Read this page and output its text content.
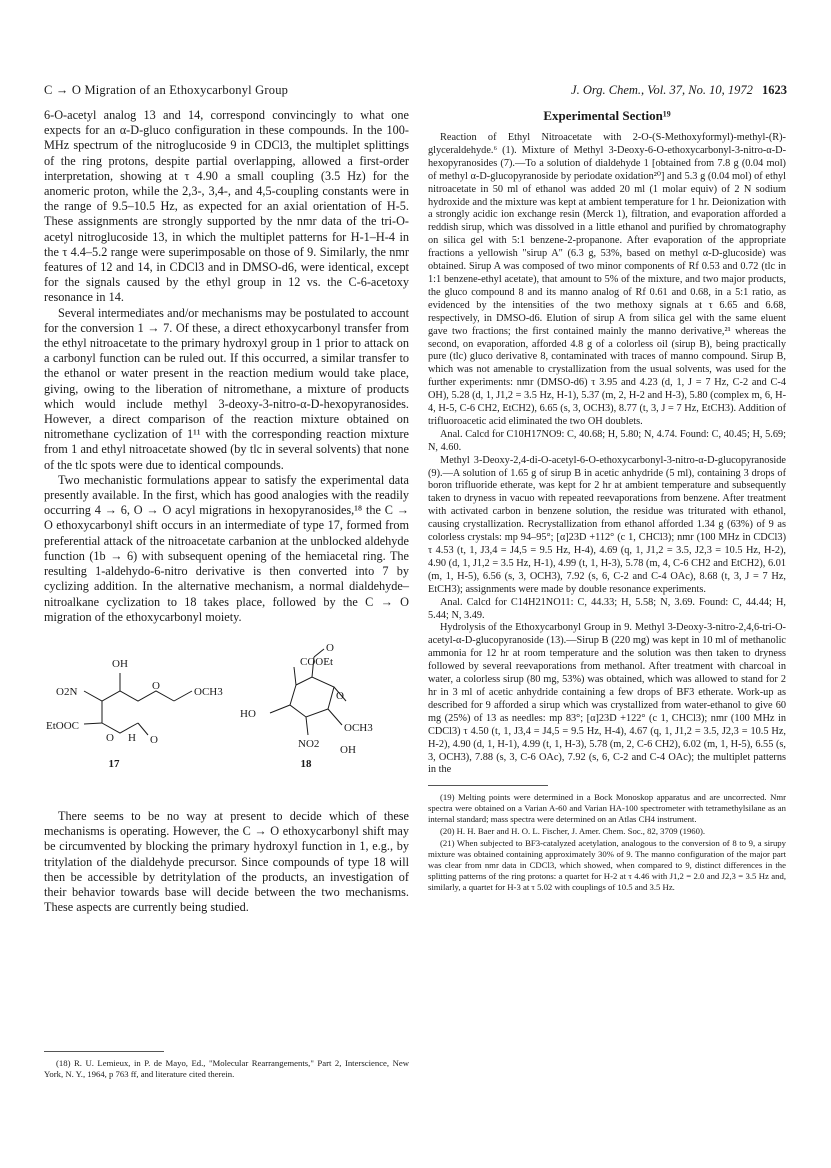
C → O Migration of an Ethoxycarbonyl Group	J. Org. Chem., Vol. 37, No. 10, 1972 1623

6-O-acetyl analog 13 and 14, correspond convincingly to what one expects for an α-D-gluco configuration in these compounds. In the 100-MHz spectrum of the nitroglucoside 9 in CDCl3, the multiplet splittings of the ring protons, despite partial overlapping, allowed a first-order interpretation, showing at τ 4.90 a small coupling (3.5 Hz) for the anomeric proton, while the 2,3-, 3,4-, and 4,5-coupling constants were in the range of 9.5–10.5 Hz, as expected for an axial orientation of H-5. These assignments are strongly supported by the nmr data of the tri-O-acetyl nitroglucoside 13, in which the multiplet patterns for H-1–H-4 in the τ 4.4–5.2 range were superimposable on those of 9. Similarly, the nmr features of 12 and 14, in CDCl3 and in DMSO-d6, were identical, except for the signals caused by the ethyl group in 12 vs. the C-6-acetoxy resonance in 14.

Several intermediates and/or mechanisms may be postulated to account for the conversion 1 → 7. Of these, a direct ethoxycarbonyl transfer from the ethyl nitroacetate to the primary hydroxyl group in 1 prior to attack on a carbonyl function can be ruled out. If this occurred, a similar transfer to the ethanol or water present in the reaction medium would take place, giving, owing to the liberation of nitromethane, a mixture of products which would include methyl 3-deoxy-3-nitro-α-D-hexopyranosides. However, a direct comparison of the reaction mixture obtained on nitromethane cyclization of 1¹¹ with the corresponding reaction mixture from 1 and ethyl nitroacetate showed (by tlc in several solvents) that none of the tlc spots were due to identical compounds.

Two mechanistic formulations appear to satisfy the experimental data presently available. In the first, which has good analogies with the readily occurring 4 → 6, O → O acyl migrations in hexopyranosides,¹⁸ the C → O ethoxycarbonyl shift occurs in an intermediate of type 17, formed from preferential attack of the nitroacetate carbanion at the unblocked aldehyde function (1b → 6) with subsequent opening of the hemiacetal ring. The resulting 1-aldehydo-6-nitro derivative is then converted into 7 by cyclizing addition. In the alternative mechanism, a normal dialdehyde–nitroalkane cyclization to 18 takes place, followed by the C → O migration of the ethoxycarbonyl moiety.

OH
O2N	O	OCH3
EtOOC
O H O
17
O
COOEt
O
OCH3
HO
NO2 OH
18

There seems to be no way at present to decide which of these mechanisms is operating. However, the C → O ethoxycarbonyl shift may be circumvented by blocking the primary hydroxyl function in 1, e.g., by tritylation of the dialdehyde precursor. Since compounds of type 18 will then be accessible by detritylation of the products, an investigation of their behavior towards base will decide between the two mechanisms. These aspects are currently being studied.

(18) R. U. Lemieux, in P. de Mayo, Ed., "Molecular Rearrangements," Part 2, Interscience, New York, N. Y., 1964, p 763 ff, and literature cited therein.

Experimental Section¹⁹

Reaction of Ethyl Nitroacetate with 2-O-(S-Methoxyformyl)-methyl-(R)-glyceraldehyde.⁶ (1). Mixture of Methyl 3-Deoxy-6-O-ethoxycarbonyl-3-nitro-α-D-hexopyranosides (7).—To a solution of dialdehyde 1 [obtained from 7.8 g (0.04 mol) of methyl α-D-glucopyranoside by periodate oxidation²⁰] and 5.3 g (0.04 mol) of ethyl nitroacetate in 50 ml of ethanol was added 20 ml (1 molar equiv) of 2 N sodium hydroxide and the mixture was kept at ambient temperature for 1 hr. Deionization with a strongly acidic ion exchange resin (Merck 1), filtration, and evaporation afforded a reddish sirup, which was dissolved in a little ethanol and purified by chromatography on silica gel with 5:1 benzene-2-propanone. After evaporation of the appropriate fractions a yellowish "sirup A" (6.3 g, 53%, based on methyl α-D-glucoside) was obtained. Sirup A was composed of two minor components of Rf 0.53 and 0.72 (tlc in 1:1 benzene-ethyl acetate), that amount to 5% of the mixture, and two major products, the gluco compound 8 and its manno analog of Rf 0.61 and 0.68, in a 5:1 ratio, as evidenced by the intensities of the two methoxy signals at τ 6.65 and 6.68, respectively, in DMSO-d6. Elution of sirup A from silica gel with the same eluent gave two fractions; the first contained mainly the manno derivative,²¹ whereas the second, on evaporation, afforded 4.8 g of a colorless oil (sirup B), being practically pure (tlc) gluco derivative 8, contaminated with traces of manno compound. Sirup B, which was not amenable to crystallization from the usual solvents, was used for the further experiments: nmr (DMSO-d6) τ 3.95 and 4.23 (d, 1, J = 7 Hz, C-2 and C-4 OH), 5.28 (d, 1, J1,2 = 3.5 Hz, H-1), 5.37 (m, 2, H-2 and H-3), 5.80 (complex m, 6, H-4, H-5, C-6 CH2, EtCH2), 6.65 (s, 3, OCH3), 8.77 (t, 3, J = 7 Hz, EtCH3). Addition of trifluoroacetic acid eliminated the two OH doublets.

Anal. Calcd for C10H17NO9: C, 40.68; H, 5.80; N, 4.74. Found: C, 40.45; H, 5.69; N, 4.60.

Methyl 3-Deoxy-2,4-di-O-acetyl-6-O-ethoxycarbonyl-3-nitro-α-D-glucopyranoside (9).—A solution of 1.65 g of sirup B in acetic anhydride (5 ml), containing 3 drops of boron trifluoride etherate, was kept for 2 hr at ambient temperature and subsequently taken to dryness in vacuo with repeated reevaporations from benzene. After treatment with activated carbon in benzene solution, the residue was triturated with ethanol, causing crystallization. Recrystallization from ethanol afforded 1.34 g (63%) of 9 as colorless crystals: mp 94–95°; [α]23D +112° (c 1, CHCl3); nmr (100 MHz in CDCl3) τ 4.53 (t, 1, J3,4 = J4,5 = 9.5 Hz, H-4), 4.69 (q, 1, J1,2 = 3.5, J2,3 = 10.5 Hz, H-2), 4.90 (d, 1, J1,2 = 3.5 Hz, H-1), 4.99 (t, 1, H-3), 5.78 (m, 4, C-6 CH2 and EtCH2), 6.01 (m, 1, H-5), 6.56 (s, 3, OCH3), 7.92 (s, 6, C-2 and C-4 OAc), 8.68 (t, 3, J = 7 Hz, EtCH3); assignments were made by double resonance experiments.

Anal. Calcd for C14H21NO11: C, 44.33; H, 5.58; N, 3.69. Found: C, 44.44; H, 5.44; N, 3.49.

Hydrolysis of the Ethoxycarbonyl Group in 9. Methyl 3-Deoxy-3-nitro-2,4,6-tri-O-acetyl-α-D-glucopyranoside (13).—Sirup B (220 mg) was kept in 10 ml of methanolic ammonia for 12 hr at room temperature and the solution was then taken to dryness followed by several reevaporations from methanol. After treatment with charcoal in water, a colorless sirup (80 mg, 53%) was obtained, which was allowed to stand for 2 hr in 3 ml of acetic anhydride containing a few drops of BF3 etherate. Work-up as described for 9 afforded a sirup which was crystallized from water-ethanol to give 60 mg (25%) of 13 as needles: mp 83°; [α]23D +122° (c 1, CHCl3); nmr (100 MHz in CDCl3) τ 4.50 (t, 1, J3,4 = J4,5 = 9.5 Hz, H-4), 4.67 (q, 1, J1,2 = 3.5, J2,3 = 10.5 Hz, H-2), 4.90 (d, 1, H-1), 4.99 (t, 1, H-3), 5.78 (m, 2, C-6 CH2), 6.02 (m, 1, H-5), 6.55 (s, 3, OCH3), 7.88 (s, 3, C-6 OAc), 7.92 (s, 6, C-2 and C-4 OAc); the multiplet patterns in the

(19) Melting points were determined in a Bock Monoskop apparatus and are uncorrected. Nmr spectra were obtained on a Varian A-60 and Varian HA-100 spectrometer with tetramethylsilane as an internal standard; mass spectra were determined on an Atlas CH4 instrument.

(20) H. H. Baer and H. O. L. Fischer, J. Amer. Chem. Soc., 82, 3709 (1960).

(21) When subjected to BF3-catalyzed acetylation, analogous to the conversion of 8 to 9, a sirupy mixture was obtained containing approximately 30% of 9. The manno configuration of the major part was clear from nmr data in CDCl3, which showed, when compared to 9, distinct differences in the splitting patterns of the ring protons: a quartet for H-2 at τ 4.46 with J1,2 = 2.0 and J2,3 = 3.5 Hz and, similarly, a quartet for H-3 at τ 5.02 with couplings of 10.5 and 3.5 Hz.
